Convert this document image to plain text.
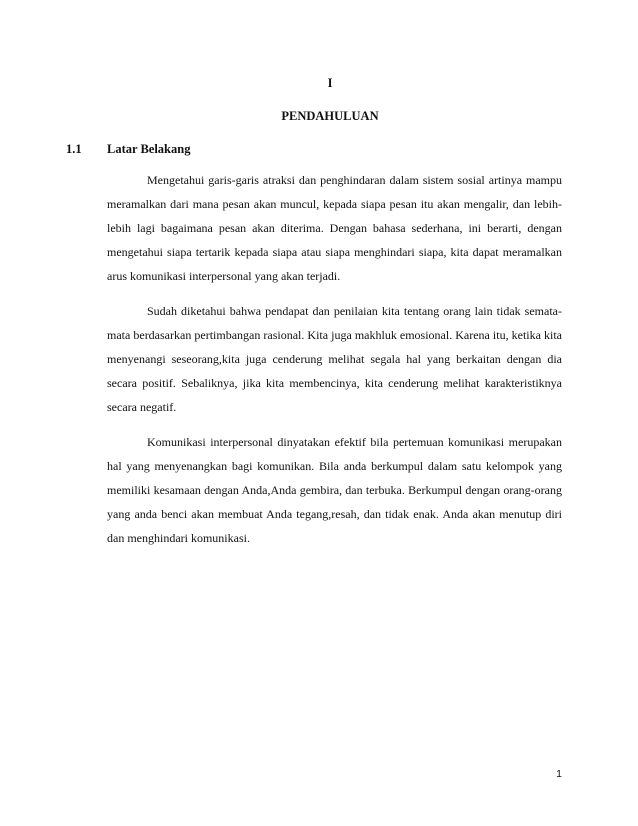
I
PENDAHULUAN
1.1 Latar Belakang

Mengetahui garis-garis atraksi dan penghindaran dalam sistem sosial artinya mampu meramalkan dari mana pesan akan muncul, kepada siapa pesan itu akan mengalir, dan lebih-lebih lagi bagaimana pesan akan diterima. Dengan bahasa sederhana, ini berarti, dengan mengetahui siapa tertarik kepada siapa atau siapa menghindari siapa, kita dapat meramalkan arus komunikasi interpersonal yang akan terjadi.

Sudah diketahui bahwa pendapat dan penilaian kita tentang orang lain tidak semata-mata berdasarkan pertimbangan rasional. Kita juga makhluk emosional. Karena itu, ketika kita menyenangi seseorang,kita juga cenderung melihat segala hal yang berkaitan dengan dia secara positif. Sebaliknya, jika kita membencinya, kita cenderung melihat karakteristiknya secara negatif.

Komunikasi interpersonal dinyatakan efektif bila pertemuan komunikasi merupakan hal yang menyenangkan bagi komunikan. Bila anda berkumpul dalam satu kelompok yang memiliki kesamaan dengan Anda,Anda gembira, dan terbuka. Berkumpul dengan orang-orang yang anda benci akan membuat Anda tegang,resah, dan tidak enak. Anda akan menutup diri dan menghindari komunikasi.

1
